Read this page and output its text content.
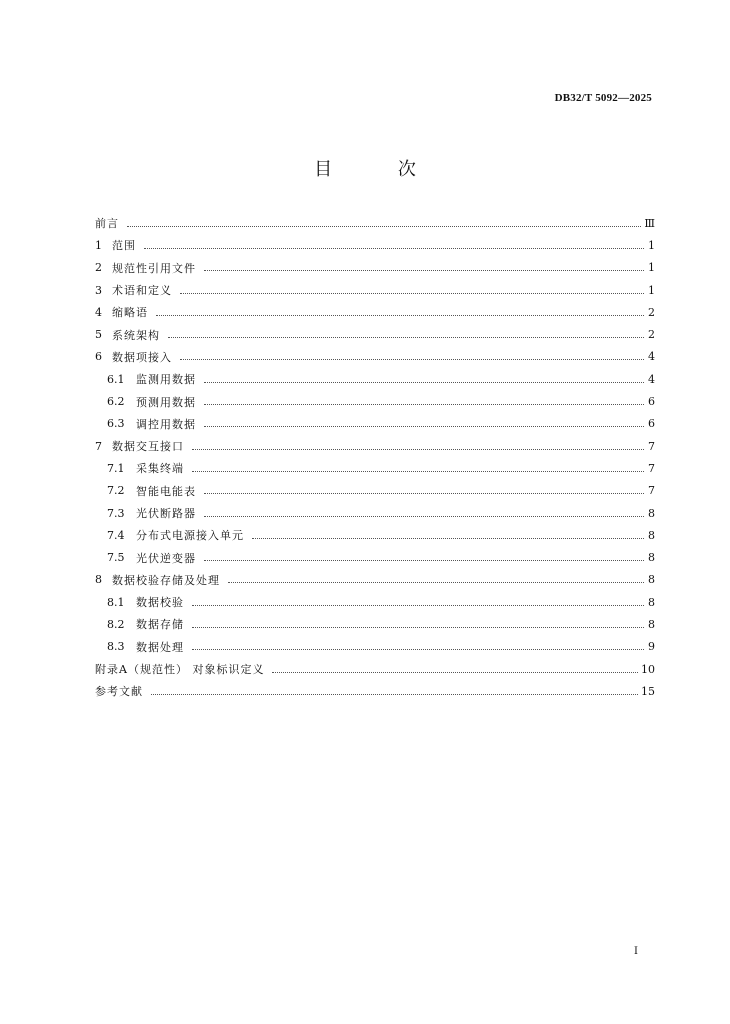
DB32/T 5092—2025
目 次
前言	Ⅲ
1 范围	1
2 规范性引用文件	1
3 术语和定义	1
4 缩略语	2
5 系统架构	2
6 数据项接入	4
6.1	监测用数据	4
6.2	预测用数据	6
6.3	调控用数据	6
7 数据交互接口	7
7.1	采集终端	7
7.2	智能电能表	7
7.3	光伏断路器	8
7.4	分布式电源接入单元	8
7.5	光伏逆变器	8
8 数据校验存储及处理	8
8.1	数据校验	8
8.2	数据存储	8
8.3	数据处理	9
附录A（规范性） 对象标识定义	10
参考文献	15
I
